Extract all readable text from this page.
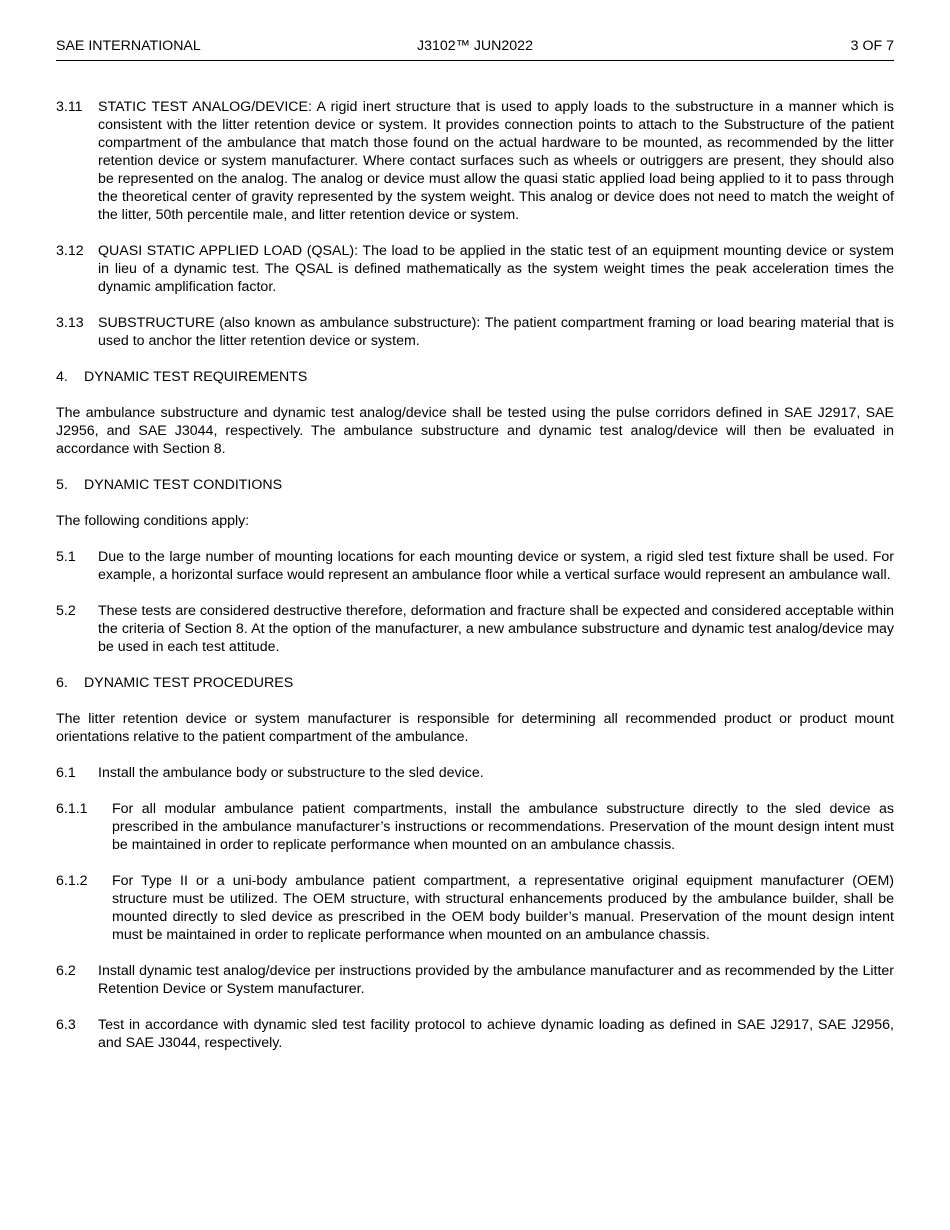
SAE INTERNATIONAL	J3102™ JUN2022	3 OF 7
3.11	STATIC TEST ANALOG/DEVICE: A rigid inert structure that is used to apply loads to the substructure in a manner which is consistent with the litter retention device or system. It provides connection points to attach to the Substructure of the patient compartment of the ambulance that match those found on the actual hardware to be mounted, as recommended by the litter retention device or system manufacturer. Where contact surfaces such as wheels or outriggers are present, they should also be represented on the analog. The analog or device must allow the quasi static applied load being applied to it to pass through the theoretical center of gravity represented by the system weight. This analog or device does not need to match the weight of the litter, 50th percentile male, and litter retention device or system.
3.12	QUASI STATIC APPLIED LOAD (QSAL): The load to be applied in the static test of an equipment mounting device or system in lieu of a dynamic test. The QSAL is defined mathematically as the system weight times the peak acceleration times the dynamic amplification factor.
3.13	SUBSTRUCTURE (also known as ambulance substructure): The patient compartment framing or load bearing material that is used to anchor the litter retention device or system.
4.	DYNAMIC TEST REQUIREMENTS
The ambulance substructure and dynamic test analog/device shall be tested using the pulse corridors defined in SAE J2917, SAE J2956, and SAE J3044, respectively. The ambulance substructure and dynamic test analog/device will then be evaluated in accordance with Section 8.
5.	DYNAMIC TEST CONDITIONS
The following conditions apply:
5.1	Due to the large number of mounting locations for each mounting device or system, a rigid sled test fixture shall be used. For example, a horizontal surface would represent an ambulance floor while a vertical surface would represent an ambulance wall.
5.2	These tests are considered destructive therefore, deformation and fracture shall be expected and considered acceptable within the criteria of Section 8. At the option of the manufacturer, a new ambulance substructure and dynamic test analog/device may be used in each test attitude.
6.	DYNAMIC TEST PROCEDURES
The litter retention device or system manufacturer is responsible for determining all recommended product or product mount orientations relative to the patient compartment of the ambulance.
6.1	Install the ambulance body or substructure to the sled device.
6.1.1	For all modular ambulance patient compartments, install the ambulance substructure directly to the sled device as prescribed in the ambulance manufacturer’s instructions or recommendations. Preservation of the mount design intent must be maintained in order to replicate performance when mounted on an ambulance chassis.
6.1.2	For Type II or a uni-body ambulance patient compartment, a representative original equipment manufacturer (OEM) structure must be utilized. The OEM structure, with structural enhancements produced by the ambulance builder, shall be mounted directly to sled device as prescribed in the OEM body builder’s manual. Preservation of the mount design intent must be maintained in order to replicate performance when mounted on an ambulance chassis.
6.2	Install dynamic test analog/device per instructions provided by the ambulance manufacturer and as recommended by the Litter Retention Device or System manufacturer.
6.3	Test in accordance with dynamic sled test facility protocol to achieve dynamic loading as defined in SAE J2917, SAE J2956, and SAE J3044, respectively.
